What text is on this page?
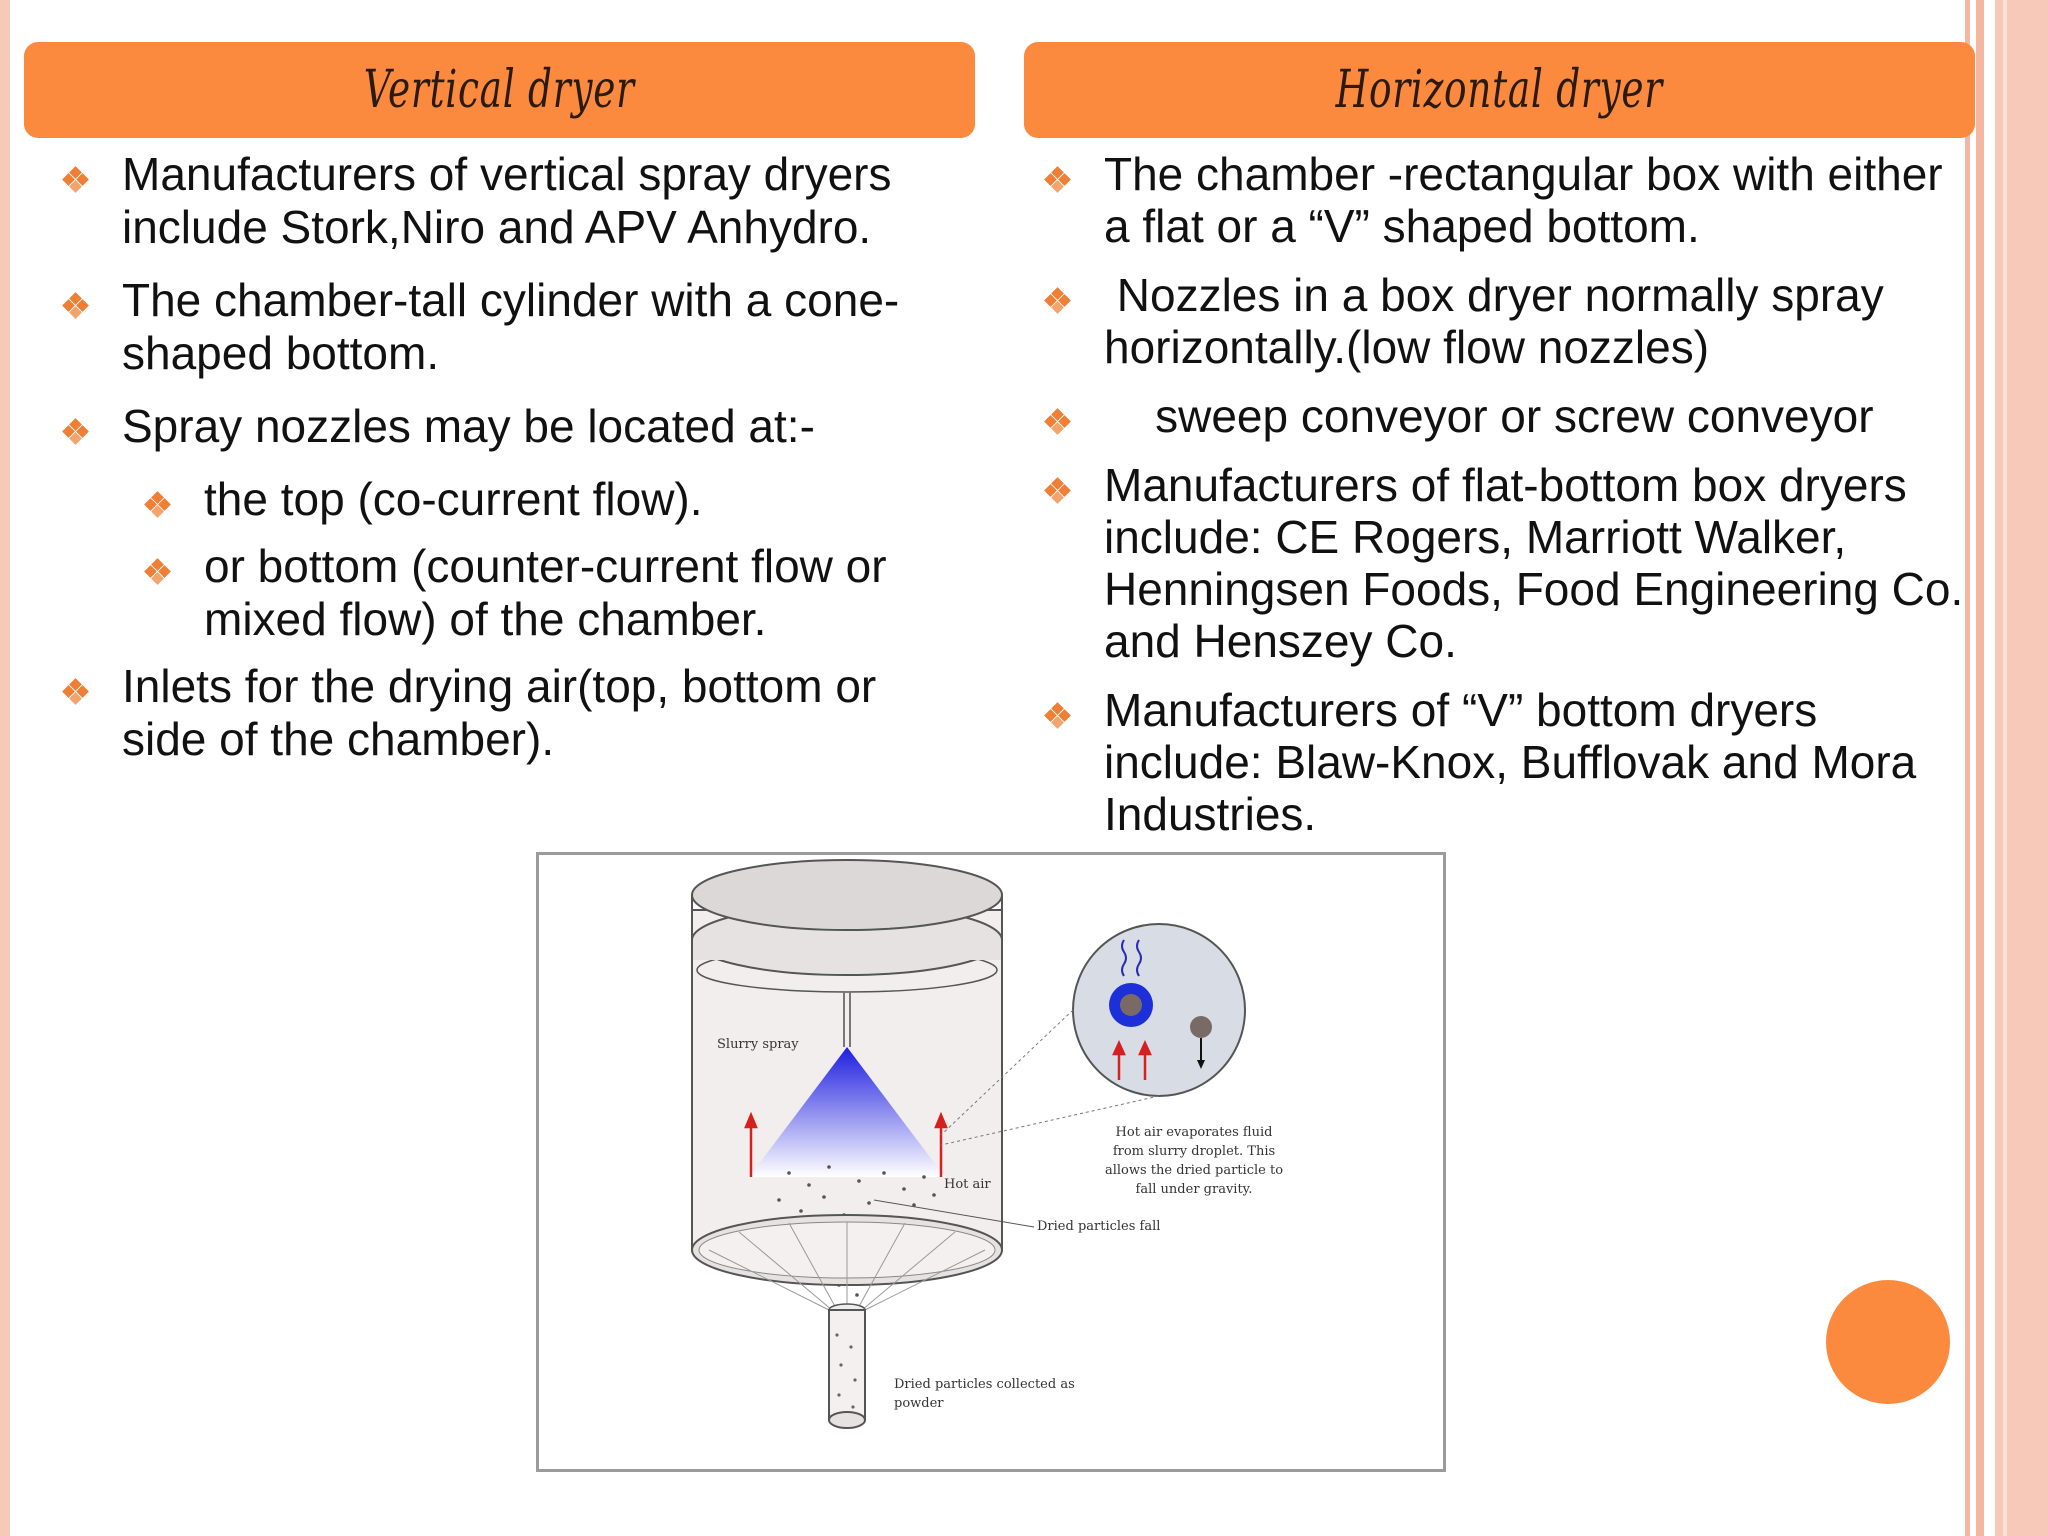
Vertical dryer	Horizontal dryer
Manufacturers of vertical spray dryers include Stork,Niro and APV Anhydro.
The chamber-tall cylinder with a cone-shaped bottom.
Spray nozzles may be located at:-
the top (co-current flow).
or bottom (counter-current flow or mixed flow) of the chamber.
Inlets for the drying air(top, bottom or side of the chamber).
The chamber -rectangular box with either a flat or a “V” shaped bottom.
Nozzles in a box dryer normally spray horizontally.(low flow nozzles)
sweep conveyor or screw conveyor
Manufacturers of flat-bottom box dryers include: CE Rogers, Marriott Walker, Henningsen Foods, Food Engineering Co. and Henszey Co.
Manufacturers of “V” bottom dryers include: Blaw-Knox, Bufflovak and Mora Industries.
Slurry spray
Hot air
Hot air evaporates fluid
from slurry droplet. This
allows the dried particle to
fall under gravity.
Dried particles fall
Dried particles collected as
powder
